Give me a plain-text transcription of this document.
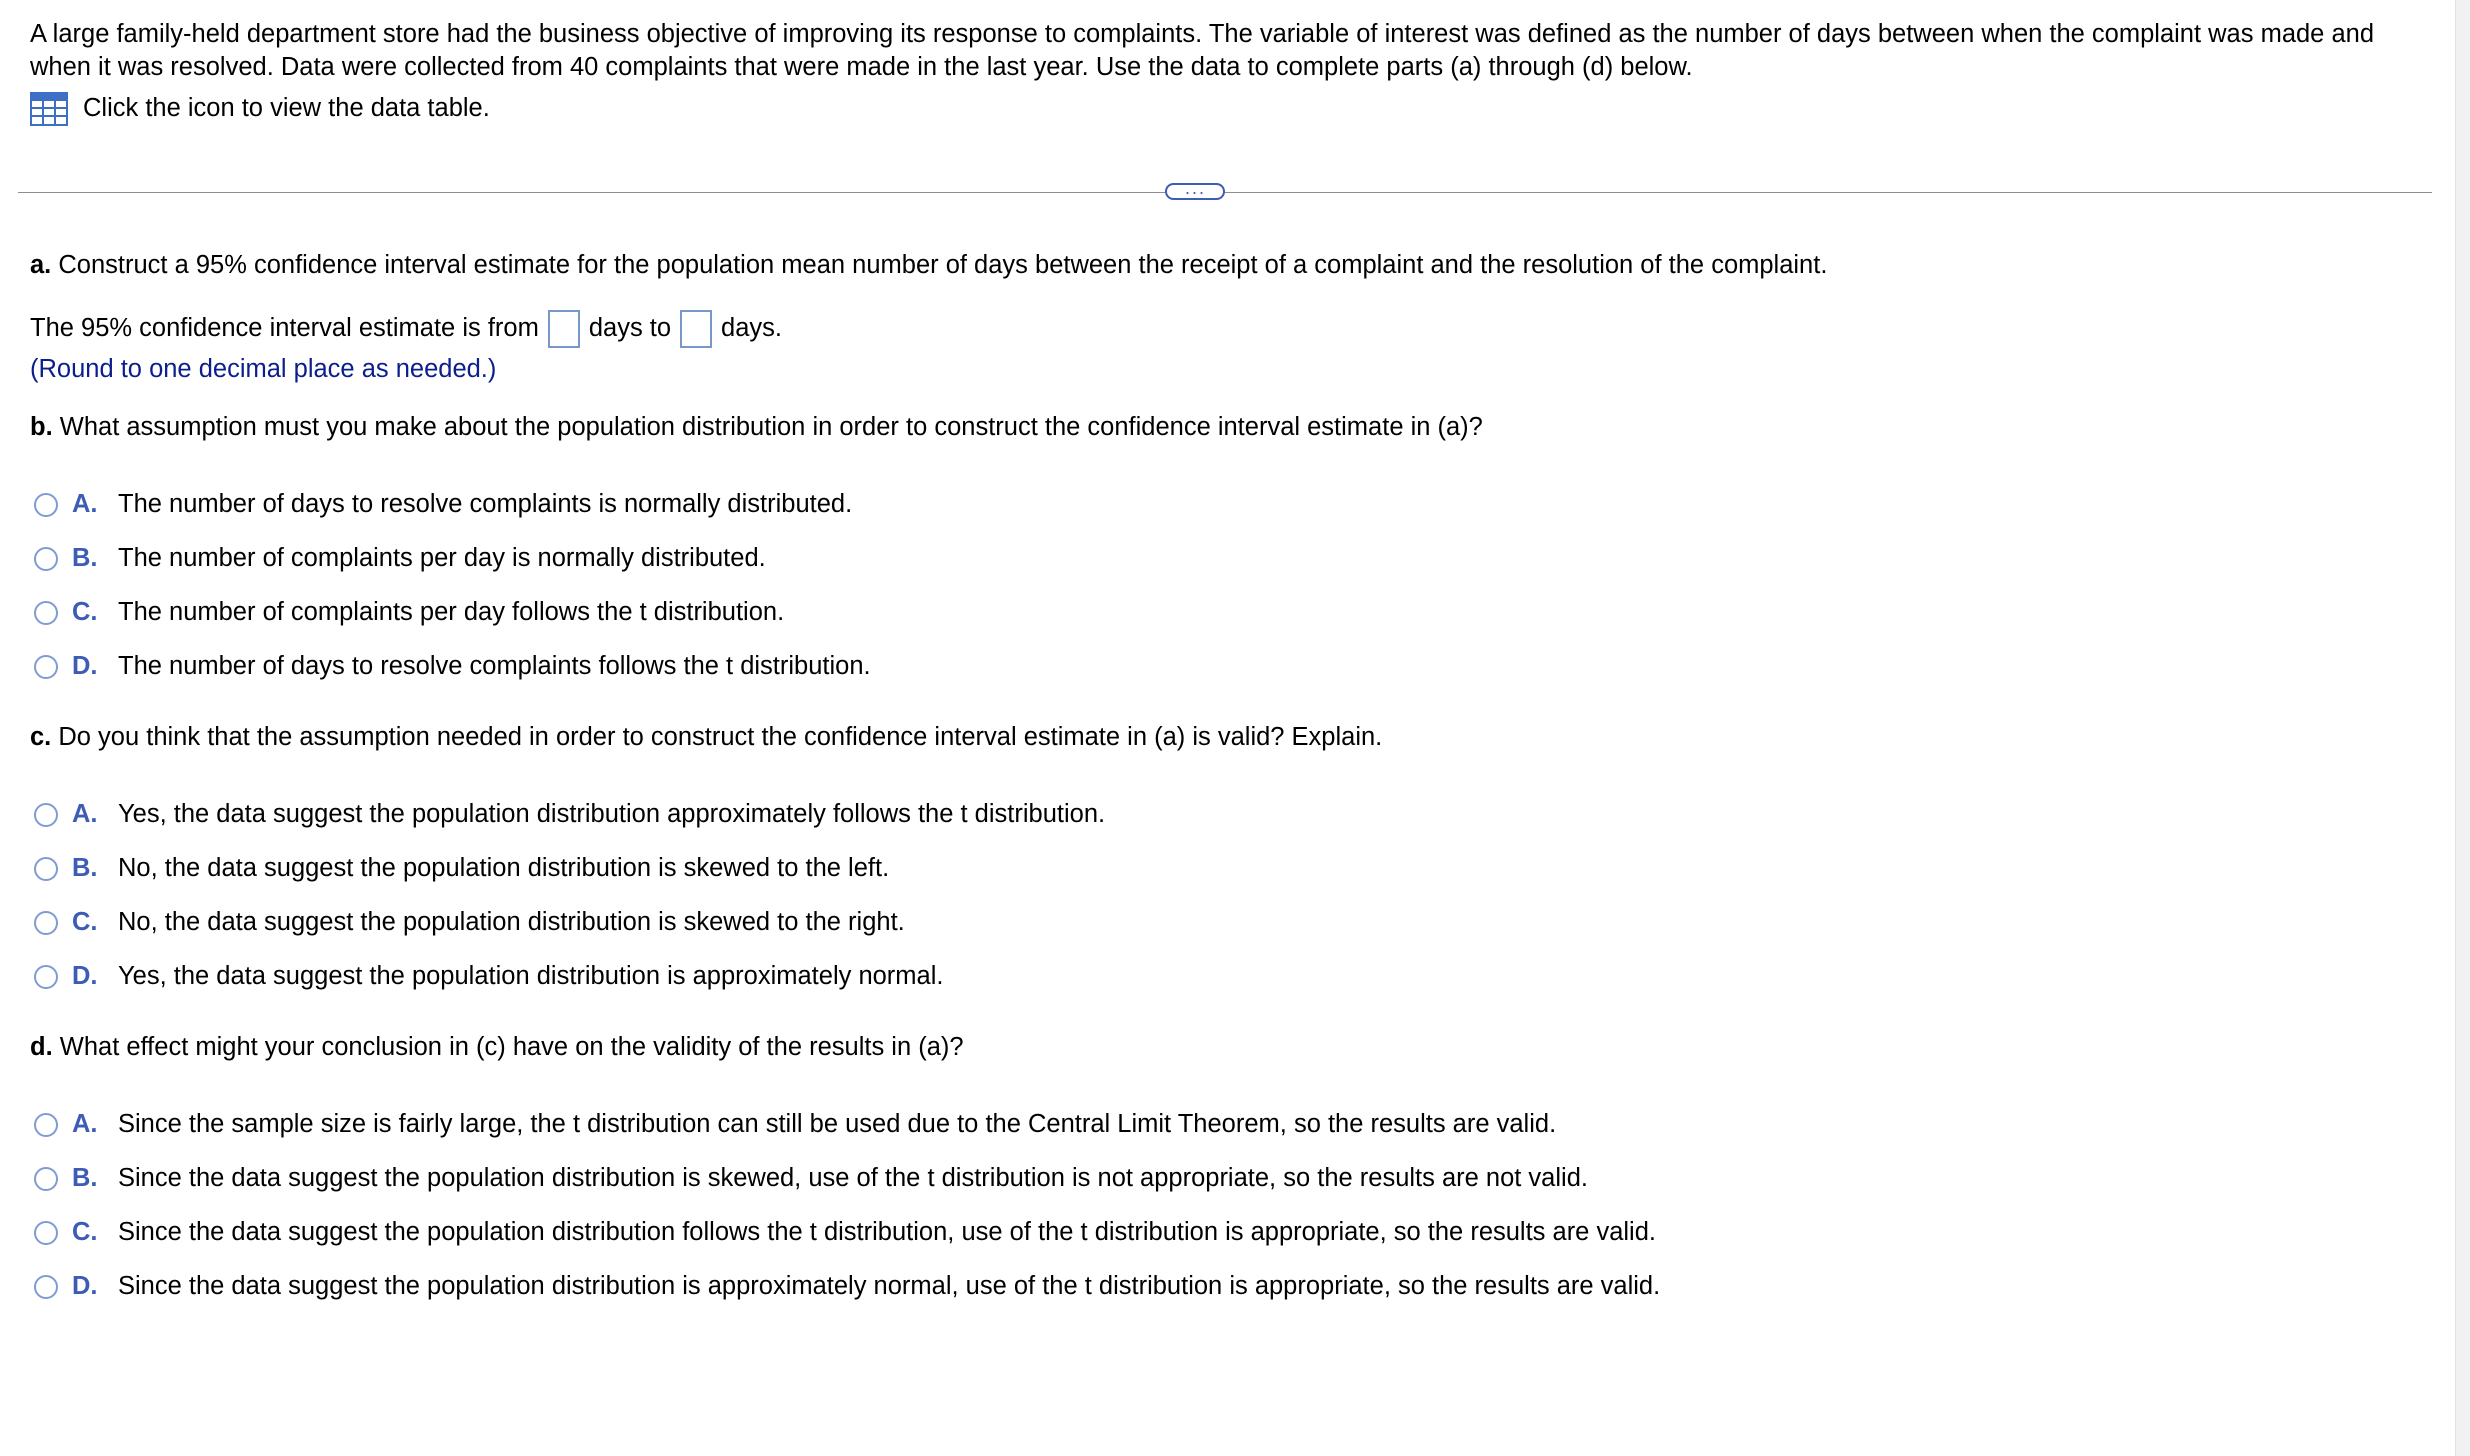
A large family-held department store had the business objective of improving its response to complaints. The variable of interest was defined as the number of days between when the complaint was made and

when it was resolved. Data were collected from 40 complaints that were made in the last year. Use the data to complete parts (a) through (d) below.

Click the icon to view the data table.
···

a. Construct a 95% confidence interval estimate for the population mean number of days between the receipt of a complaint and the resolution of the complaint.

The 95% confidence interval estimate is from days to days.

(Round to one decimal place as needed.)

b. What assumption must you make about the population distribution in order to construct the confidence interval estimate in (a)?

A. The number of days to resolve complaints is normally distributed.
B. The number of complaints per day is normally distributed.
C. The number of complaints per day follows the t distribution.
D. The number of days to resolve complaints follows the t distribution.

c. Do you think that the assumption needed in order to construct the confidence interval estimate in (a) is valid? Explain.

A. Yes, the data suggest the population distribution approximately follows the t distribution.
B. No, the data suggest the population distribution is skewed to the left.
C. No, the data suggest the population distribution is skewed to the right.
D. Yes, the data suggest the population distribution is approximately normal.

d. What effect might your conclusion in (c) have on the validity of the results in (a)?

A. Since the sample size is fairly large, the t distribution can still be used due to the Central Limit Theorem, so the results are valid.
B. Since the data suggest the population distribution is skewed, use of the t distribution is not appropriate, so the results are not valid.
C. Since the data suggest the population distribution follows the t distribution, use of the t distribution is appropriate, so the results are valid.
D. Since the data suggest the population distribution is approximately normal, use of the t distribution is appropriate, so the results are valid.
